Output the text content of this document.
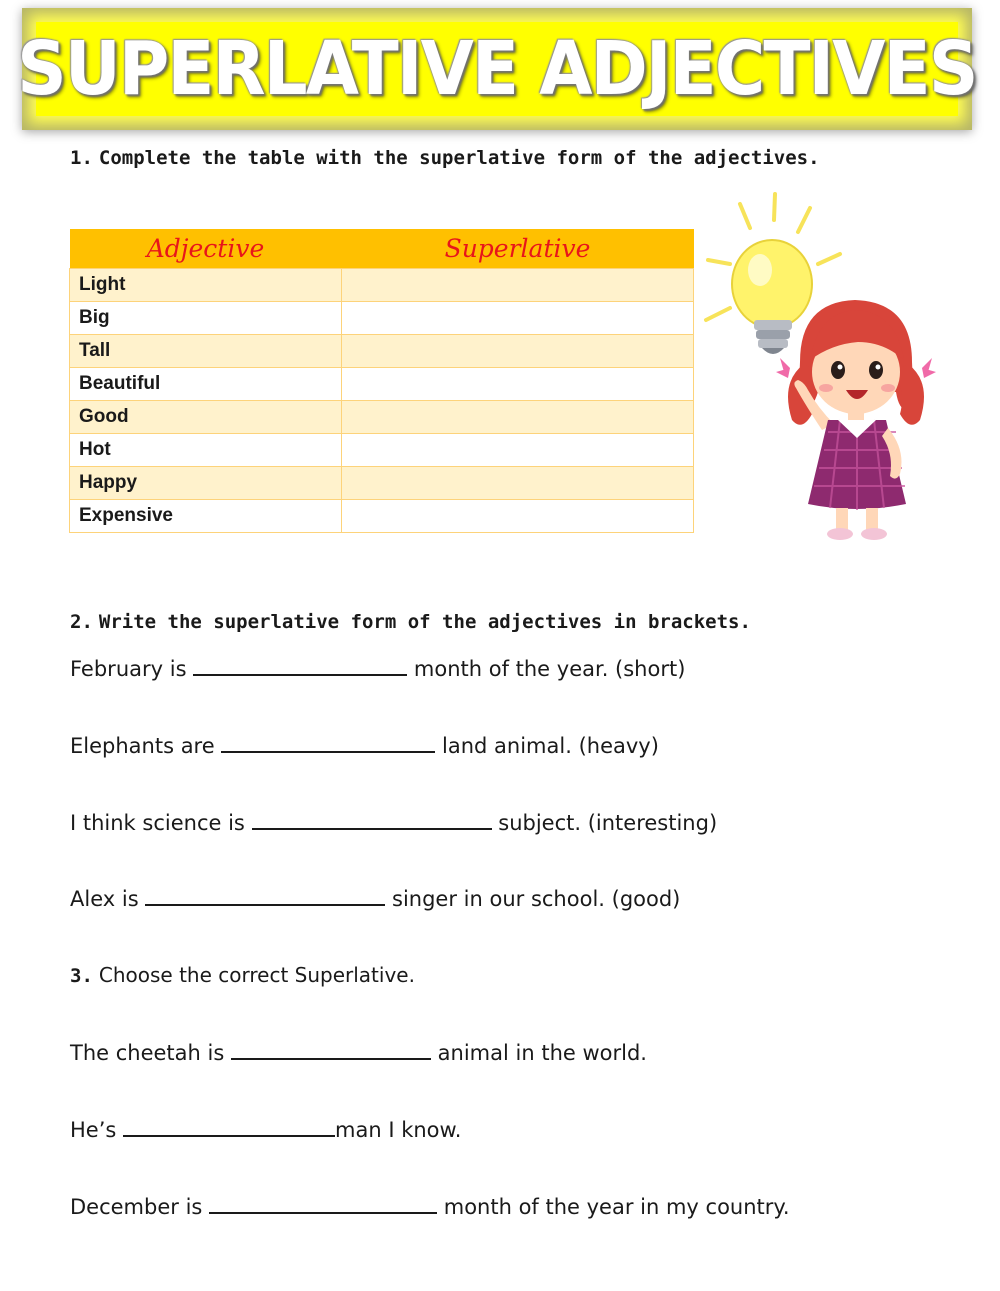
SUPERLATIVE ADJECTIVES
1. Complete the table with the superlative form of the adjectives.
Adjective	Superlative
Light	
Big	
Tall	
Beautiful	
Good	
Hot	
Happy	
Expensive	
2. Write the superlative form of the adjectives in brackets.
February is	month of the year. (short)
Elephants are	land animal. (heavy)
I think science is	subject. (interesting)
Alex is	singer in our school. (good)
3. Choose the correct Superlative.
The cheetah is	animal in the world.
He’s	man I know.
December is	month of the year in my country.
